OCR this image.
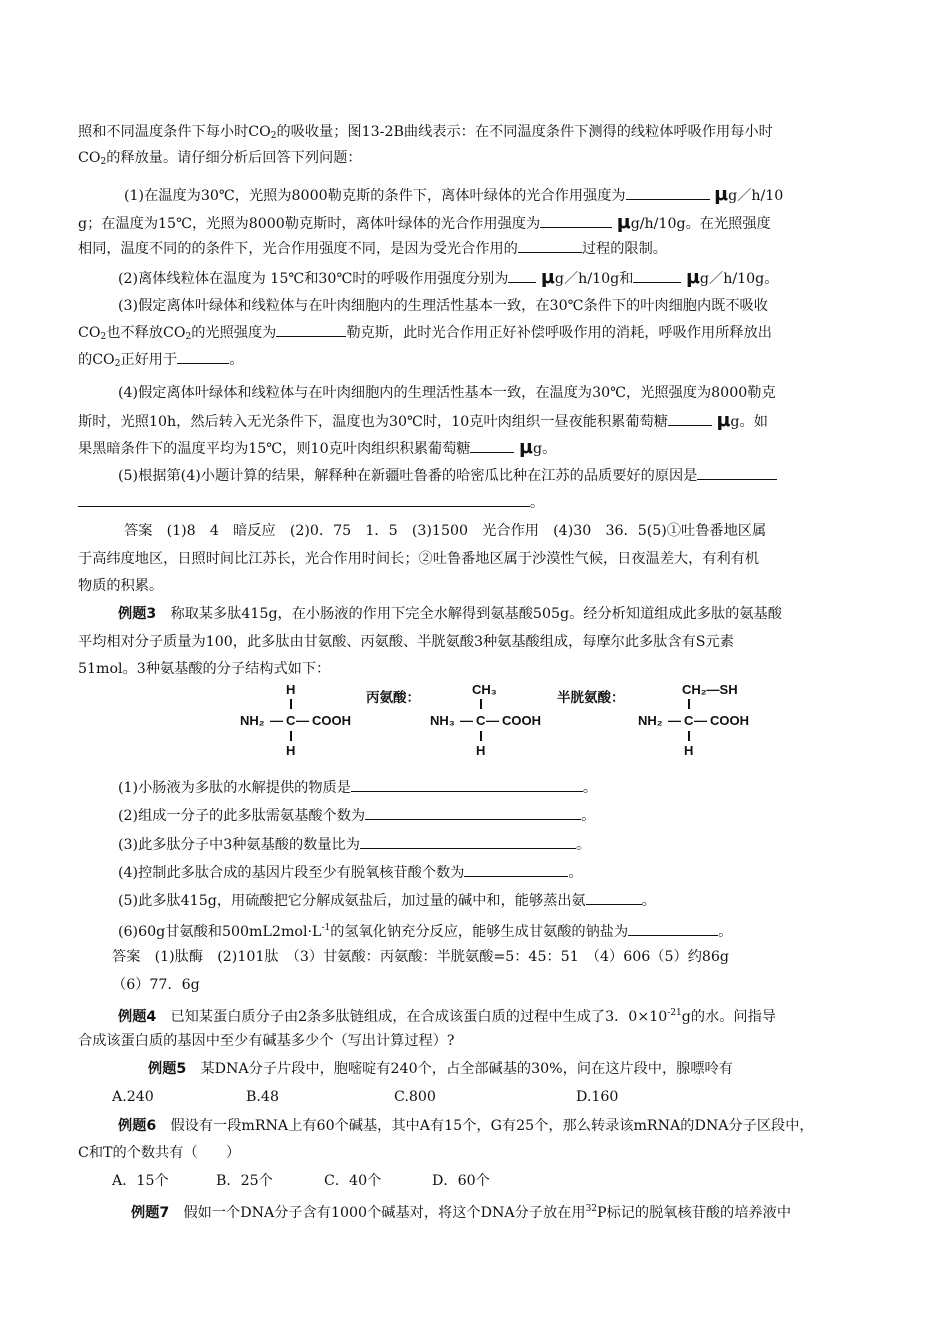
照和不同温度条件下每小时$CO_2$的吸收量；图13-2B曲线表示：在不同温度条件下测得的线粒体呼吸作用每小时
$CO_2$的释放量。请仔细分析后回答下列问题：
(1)在温度为30℃，光照为8000勒克斯的条件下，离体叶绿体的光合作用强度为	μg／h/10
g；在温度为15℃，光照为8000勒克斯时，离体叶绿体的光合作用强度为	μg/h/10g。在光照强度
相同，温度不同的的条件下，光合作用强度不同，是因为受光合作用的	过程的限制。
(2)离体线粒体在温度为 15℃和30℃时的呼吸作用强度分别为 μg／h/10g和	μg／h/10g。
(3)假定离体叶绿体和线粒体与在叶肉细胞内的生理活性基本一致，在30℃条件下的叶肉细胞内既不吸收
$CO_2$也不释放$CO_2$的光照强度为	勒克斯，此时光合作用正好补偿呼吸作用的消耗，呼吸作用所释放出
的$CO_2$正好用于	。
(4)假定离体叶绿体和线粒体与在叶肉细胞内的生理活性基本一致，在温度为30℃，光照强度为8000勒克
斯时，光照10h，然后转入无光条件下，温度也为30℃时，10克叶肉组织一昼夜能积累葡萄糖	μg。如
果黑暗条件下的温度平均为15℃，则10克叶肉组织积累葡萄糖	μg。
(5)根据第(4)小题计算的结果，解释种在新疆吐鲁番的哈密瓜比种在江苏的品质要好的原因是
。
答案　(1)8　4　暗反应　(2)0．75　1．5　(3)1500　光合作用　(4)30　36．5(5)①吐鲁番地区属
于高纬度地区，日照时间比江苏长，光合作用时间长；②吐鲁番地区属于沙漠性气候，日夜温差大，有利有机
物质的积累。
例题3　称取某多肽415g，在小肠液的作用下完全水解得到氨基酸505g。经分析知道组成此多肽的氨基酸
平均相对分子质量为100，此多肽由甘氨酸、丙氨酸、半胱氨酸3种氨基酸组成，每摩尔此多肽含有S元素
51mol。3种氨基酸的分子结构式如下：
H
NH₂ — C — COOH
H
丙氨酸：
CH₃
NH₃ — C — COOH
H
半胱氨酸：
CH₂—SH
NH₂ — C — COOH
H
(1)小肠液为多肽的水解提供的物质是	。
(2)组成一分子的此多肽需氨基酸个数为	。
(3)此多肽分子中3种氨基酸的数量比为	。
(4)控制此多肽合成的基因片段至少有脱氧核苷酸个数为	。
(5)此多肽415g，用硫酸把它分解成氨盐后，加过量的碱中和，能够蒸出氨	。
(6)60g甘氨酸和$500mL2mol\cdot L^{-1}$的氢氧化钠充分反应，能够生成甘氨酸的钠盐为	。
答案　(1)肽酶　(2)101肽　（3）甘氨酸：丙氨酸：半胱氨酸=5：45：51　（4）606（5）约86g
（6）77．6g
例题4　已知某蛋白质分子由2条多肽链组成，在合成该蛋白质的过程中生成了3．$0\times 10^{-21}g$的水。问指导
合成该蛋白质的基因中至少有碱基多少个（写出计算过程）?
例题5　某DNA分子片段中，胞嘧啶有240个，占全部碱基的30%，问在这片段中，腺嘌呤有
A.240	B.48	C.800	D.160
例题6　假设有一段mRNA上有60个碱基，其中A有15个，G有25个，那么转录该mRNA的DNA分子区段中，
C和T的个数共有（　　）
A．15个	B．25个	C．40个	D．60个
例题7　假如一个DNA分子含有1000个碱基对，将这个DNA分子放在用$^{32}$P标记的脱氧核苷酸的培养液中
